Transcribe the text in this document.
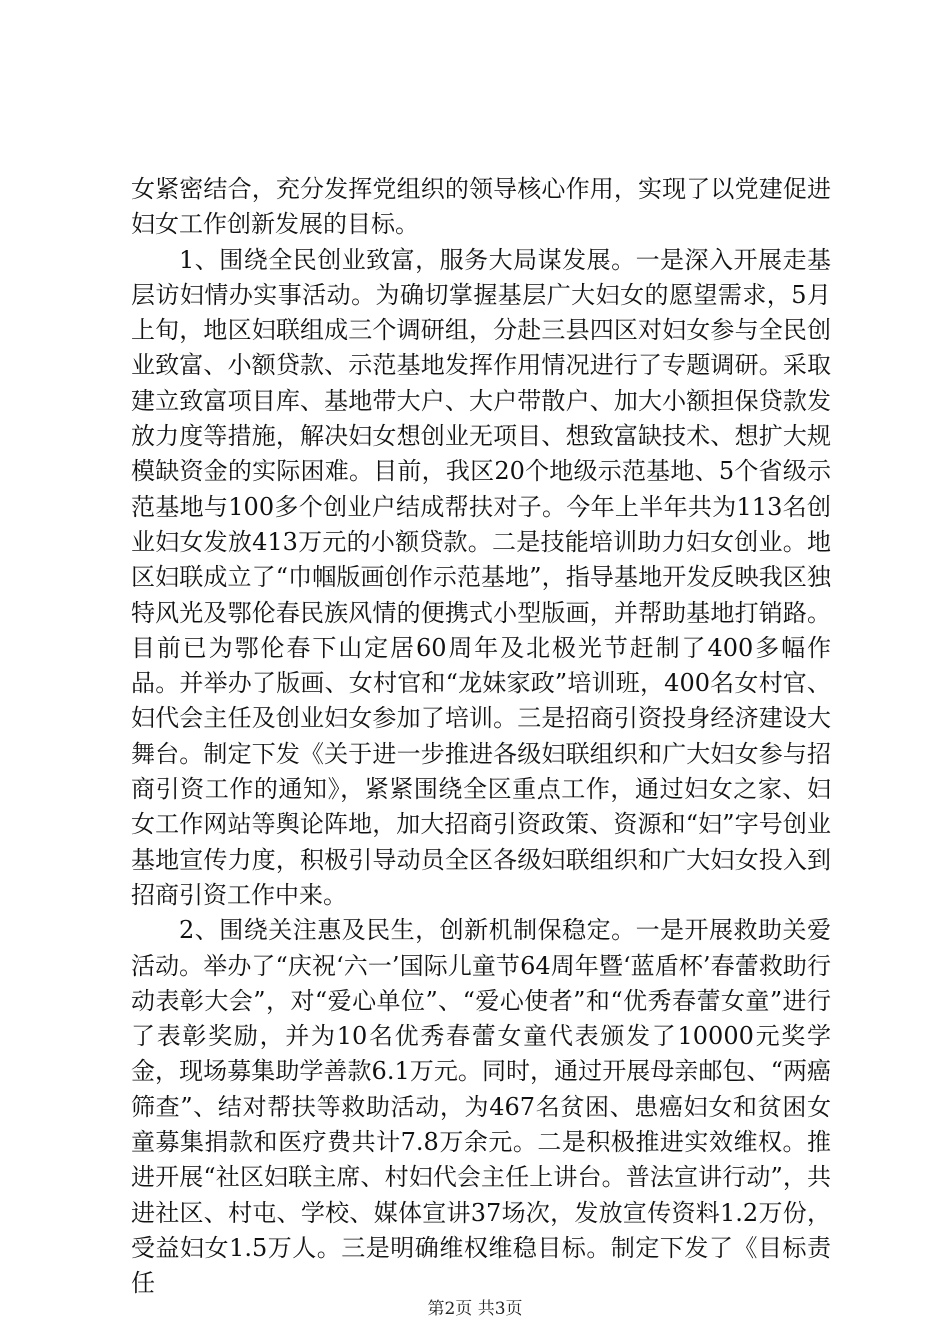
女紧密结合，充分发挥党组织的领导核心作用，实现了以党建促进妇女工作创新发展的目标。

1、围绕全民创业致富，服务大局谋发展。一是深入开展走基层访妇情办实事活动。为确切掌握基层广大妇女的愿望需求，5月上旬，地区妇联组成三个调研组，分赴三县四区对妇女参与全民创业致富、小额贷款、示范基地发挥作用情况进行了专题调研。采取建立致富项目库、基地带大户、大户带散户、加大小额担保贷款发放力度等措施，解决妇女想创业无项目、想致富缺技术、想扩大规模缺资金的实际困难。目前，我区20个地级示范基地、5个省级示范基地与100多个创业户结成帮扶对子。今年上半年共为113名创业妇女发放413万元的小额贷款。二是技能培训助力妇女创业。地区妇联成立了“巾帼版画创作示范基地”，指导基地开发反映我区独特风光及鄂伦春民族风情的便携式小型版画，并帮助基地打销路。目前已为鄂伦春下山定居60周年及北极光节赶制了400多幅作品。并举办了版画、女村官和“龙妹家政”培训班，400名女村官、妇代会主任及创业妇女参加了培训。三是招商引资投身经济建设大舞台。制定下发《关于进一步推进各级妇联组织和广大妇女参与招商引资工作的通知》，紧紧围绕全区重点工作，通过妇女之家、妇女工作网站等舆论阵地，加大招商引资政策、资源和“妇”字号创业基地宣传力度，积极引导动员全区各级妇联组织和广大妇女投入到招商引资工作中来。

2、围绕关注惠及民生，创新机制保稳定。一是开展救助关爱活动。举办了“庆祝‘六一’国际儿童节64周年暨‘蓝盾杯’春蕾救助行动表彰大会”，对“爱心单位”、“爱心使者”和“优秀春蕾女童”进行了表彰奖励，并为10名优秀春蕾女童代表颁发了10000元奖学金，现场募集助学善款6.1万元。同时，通过开展母亲邮包、“两癌筛查”、结对帮扶等救助活动，为467名贫困、患癌妇女和贫困女童募集捐款和医疗费共计7.8万余元。二是积极推进实效维权。推进开展“社区妇联主席、村妇代会主任上讲台。普法宣讲行动”，共进社区、村屯、学校、媒体宣讲37场次，发放宣传资料1.2万份，受益妇女1.5万人。三是明确维权维稳目标。制定下发了《目标责任

第2页 共3页
